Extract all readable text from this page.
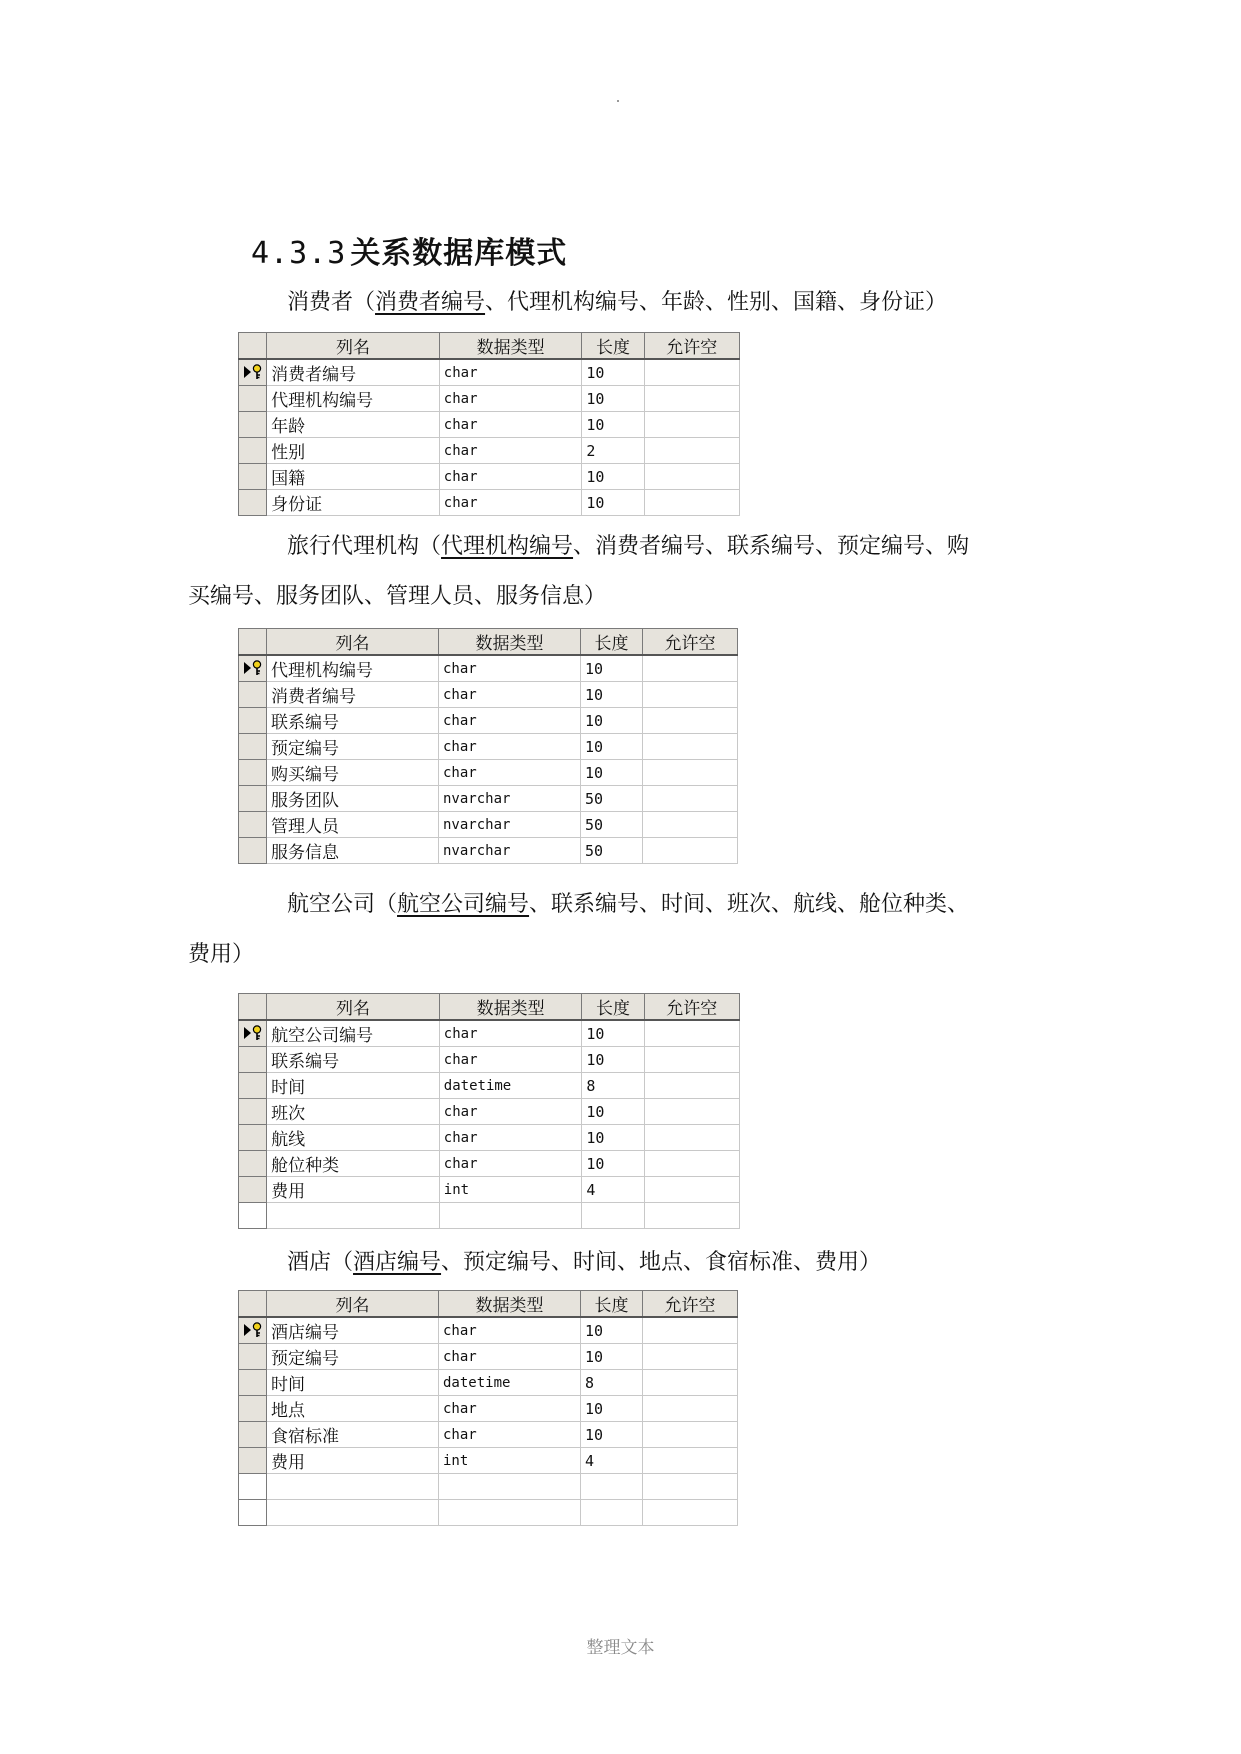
4.3.3 关系数据库模式
消费者（消费者编号、代理机构编号、年龄、性别、国籍、身份证）
	列名	数据类型	长度	允许空

	消费者编号	char	10	
	代理机构编号	char	10	
	年龄	char	10	
	性别	char	2	
	国籍	char	10	
	身份证	char	10	
旅行代理机构（代理机构编号、消费者编号、联系编号、预定编号、购
买编号、服务团队、管理人员、服务信息）
	列名	数据类型	长度	允许空

	代理机构编号	char	10	
	消费者编号	char	10	
	联系编号	char	10	
	预定编号	char	10	
	购买编号	char	10	
	服务团队	nvarchar	50	
	管理人员	nvarchar	50	
	服务信息	nvarchar	50	
航空公司（航空公司编号、联系编号、时间、班次、航线、舱位种类、
费用）
	列名	数据类型	长度	允许空

	航空公司编号	char	10	
	联系编号	char	10	
	时间	datetime	8	
	班次	char	10	
	航线	char	10	
	舱位种类	char	10	
	费用	int	4	

酒店（酒店编号、预定编号、时间、地点、食宿标准、费用）
	列名	数据类型	长度	允许空

	酒店编号	char	10	
	预定编号	char	10	
	时间	datetime	8	
	地点	char	10	
	食宿标准	char	10	
	费用	int	4	

整理文本
